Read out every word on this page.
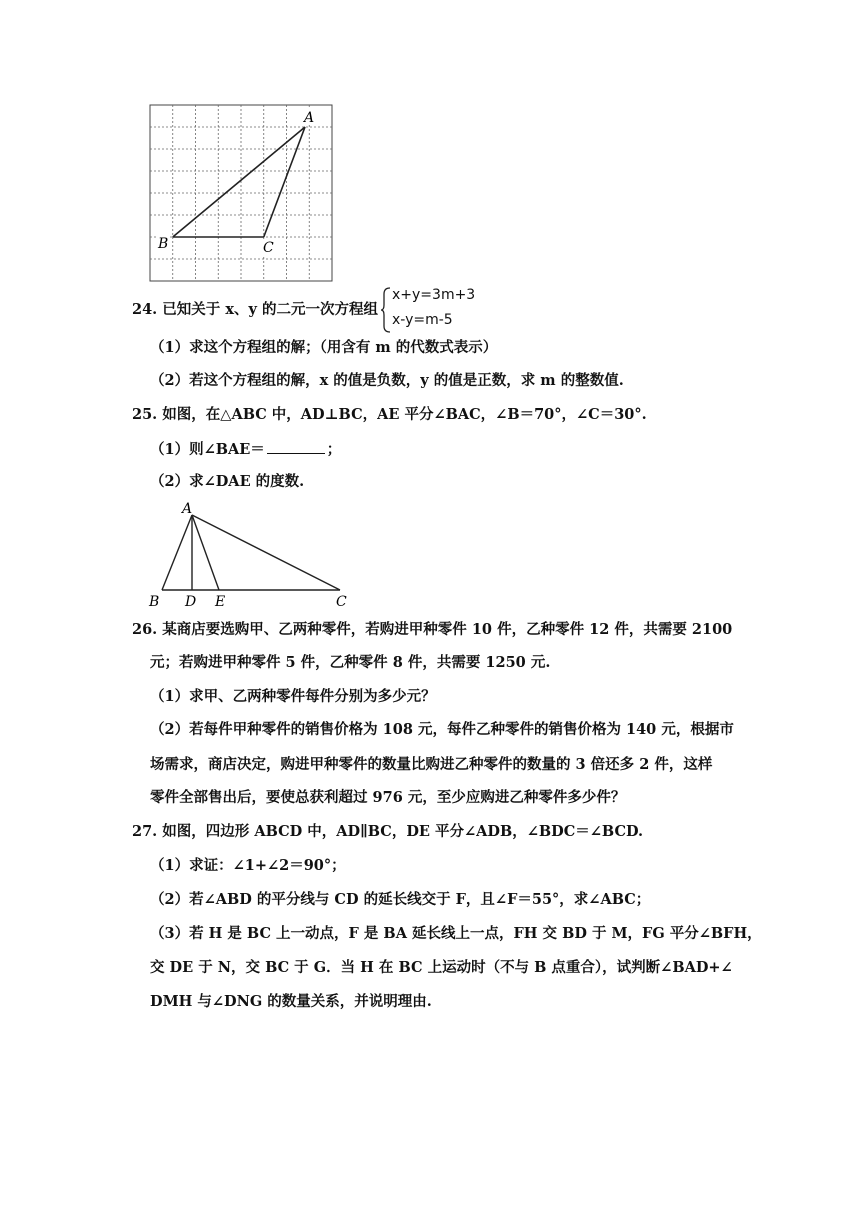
A
B	C
24. 已知关于 x、y 的二元一次方程组
x+y=3m+3
x-y=m-5
（1）求这个方程组的解；（用含有 m 的代数式表示）
（2）若这个方程组的解，x 的值是负数，y 的值是正数，求 m 的整数值.
25. 如图，在△ABC 中，AD⊥BC，AE 平分∠BAC，∠B＝70°，∠C＝30°.
（1）则∠BAE＝	；
（2）求∠DAE 的度数.
A
B D E	C
26. 某商店要选购甲、乙两种零件，若购进甲种零件 10 件，乙种零件 12 件，共需要 2100
元；若购进甲种零件 5 件，乙种零件 8 件，共需要 1250 元.
（1）求甲、乙两种零件每件分别为多少元？
（2）若每件甲种零件的销售价格为 108 元，每件乙种零件的销售价格为 140 元，根据市
场需求，商店决定，购进甲种零件的数量比购进乙种零件的数量的 3 倍还多 2 件，这样
零件全部售出后，要使总获利超过 976 元，至少应购进乙种零件多少件？
27. 如图，四边形 ABCD 中，AD∥BC，DE 平分∠ADB，∠BDC＝∠BCD.
（1）求证：∠1+∠2＝90°；
（2）若∠ABD 的平分线与 CD 的延长线交于 F，且∠F＝55°，求∠ABC；
（3）若 H 是 BC 上一动点，F 是 BA 延长线上一点，FH 交 BD 于 M，FG 平分∠BFH，
交 DE 于 N，交 BC 于 G．当 H 在 BC 上运动时（不与 B 点重合），试判断∠BAD+∠
DMH 与∠DNG 的数量关系，并说明理由.
